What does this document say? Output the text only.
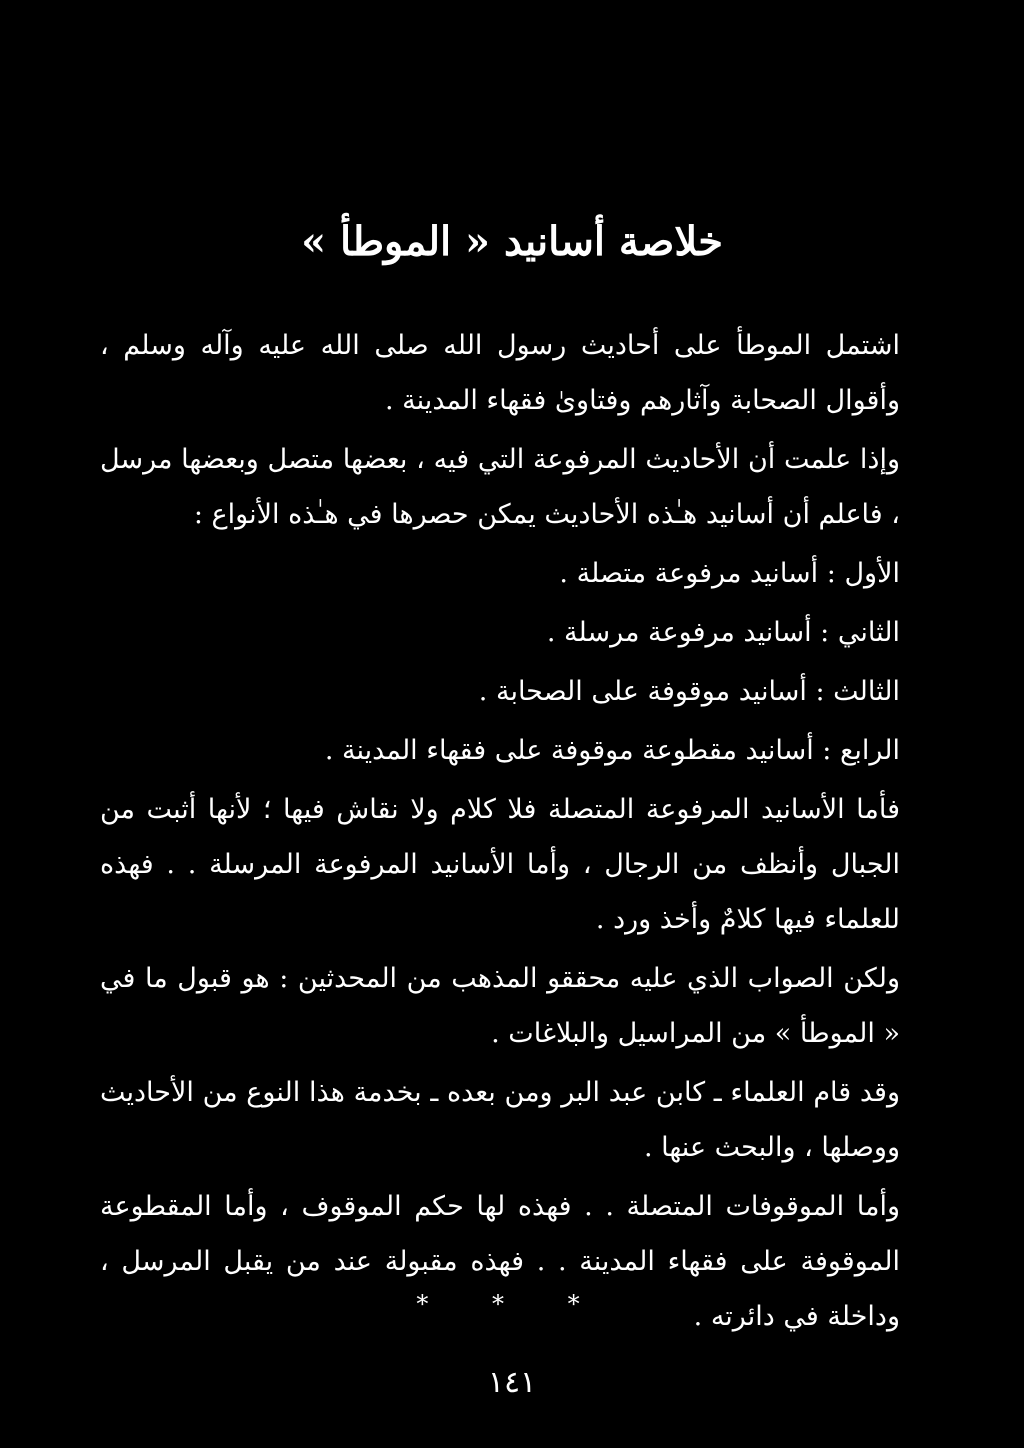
خلاصة أسانيد « الموطأ »

اشتمل الموطأ على أحاديث رسول الله صلى الله عليه وآله وسلم ، وأقوال الصحابة وآثارهم وفتاوىٰ فقهاء المدينة .

وإذا علمت أن الأحاديث المرفوعة التي فيه ، بعضها متصل وبعضها مرسل ، فاعلم أن أسانيد هـٰذه الأحاديث يمكن حصرها في هـٰذه الأنواع :

الأول : أسانيد مرفوعة متصلة .

الثاني : أسانيد مرفوعة مرسلة .

الثالث : أسانيد موقوفة على الصحابة .

الرابع : أسانيد مقطوعة موقوفة على فقهاء المدينة .

فأما الأسانيد المرفوعة المتصلة فلا كلام ولا نقاش فيها ؛ لأنها أثبت من الجبال وأنظف من الرجال ، وأما الأسانيد المرفوعة المرسلة . . فهذه للعلماء فيها كلامٌ وأخذ ورد .

ولكن الصواب الذي عليه محققو المذهب من المحدثين : هو قبول ما في « الموطأ » من المراسيل والبلاغات .

وقد قام العلماء ـ كابن عبد البر ومن بعده ـ بخدمة هذا النوع من الأحاديث ووصلها ، والبحث عنها .

وأما الموقوفات المتصلة . . فهذه لها حكم الموقوف ، وأما المقطوعة الموقوفة على فقهاء المدينة . . فهذه مقبولة عند من يقبل المرسل ، وداخلة في دائرته .

* * *
١٤١
